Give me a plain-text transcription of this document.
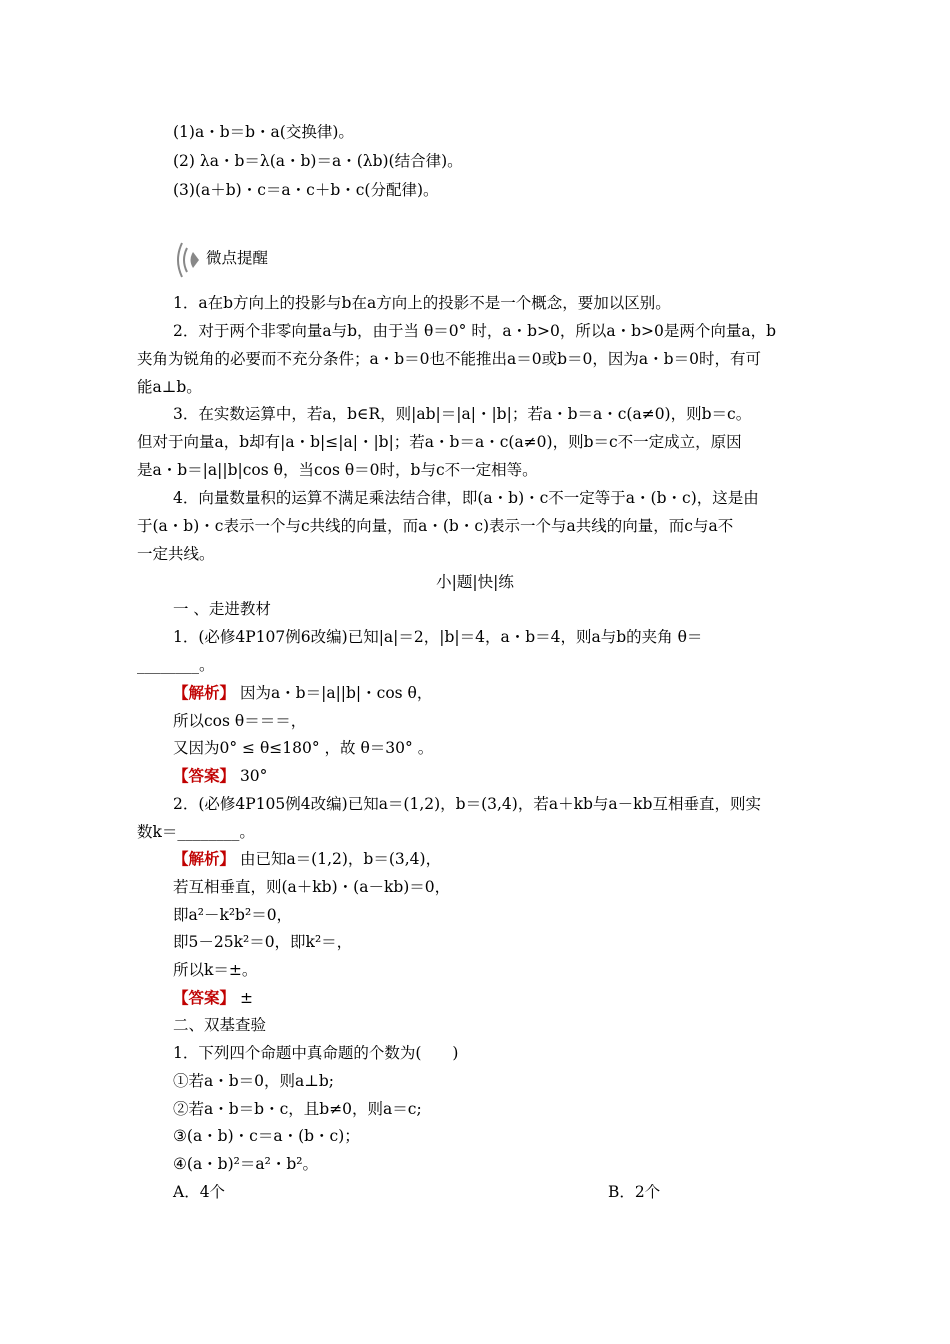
(1)a・b＝b・a(交换律)。
(2) λa・b＝λ(a・b)＝a・(λb)(结合律)。
(3)(a＋b)・c＝a・c＋b・c(分配律)。
微点提醒
1．a在b方向上的投影与b在a方向上的投影不是一个概念，要加以区别。
2．对于两个非零向量a与b，由于当 θ＝0° 时，a・b>0，所以a・b>0是两个向量a，b
夹角为锐角的必要而不充分条件；a・b＝0也不能推出a＝0或b＝0，因为a・b＝0时，有可
能a⊥b。
3．在实数运算中，若a，b∈R，则|ab|＝|a|・|b|；若a・b＝a・c(a≠0)，则b＝c。
但对于向量a，b却有|a・b|≤|a|・|b|；若a・b＝a・c(a≠0)，则b＝c不一定成立，原因
是a・b＝|a||b|cos θ，当cos θ＝0时，b与c不一定相等。
4．向量数量积的运算不满足乘法结合律，即(a・b)・c不一定等于a・(b・c)，这是由
于(a・b)・c表示一个与c共线的向量，而a・(b・c)表示一个与a共线的向量，而c与a不
一定共线。
小|题|快|练
一 、走进教材
1．(必修4P107例6改编)已知|a|＝2，|b|＝4，a・b＝4，则a与b的夹角 θ＝
________。
【解析】 因为a・b＝|a||b|・cos θ，
所以cos θ＝＝＝，
又因为0° ≤ θ≤180° ，故 θ＝30° 。
【答案】 30°
2．(必修4P105例4改编)已知a＝(1,2)，b＝(3,4)，若a＋kb与a－kb互相垂直，则实
数k＝________。
【解析】 由已知a＝(1,2)，b＝(3,4)，
若互相垂直，则(a＋kb)・(a－kb)＝0，
即a²－k²b²＝0，
即5－25k²＝0，即k²＝，
所以k＝±。
【答案】 ±
二、双基查验
1．下列四个命题中真命题的个数为(　　)
①若a・b＝0，则a⊥b;
②若a・b＝b・c，且b≠0，则a＝c;
③(a・b)・c＝a・(b・c)；
④(a・b)²＝a²・b²。
A．4个	B．2个
